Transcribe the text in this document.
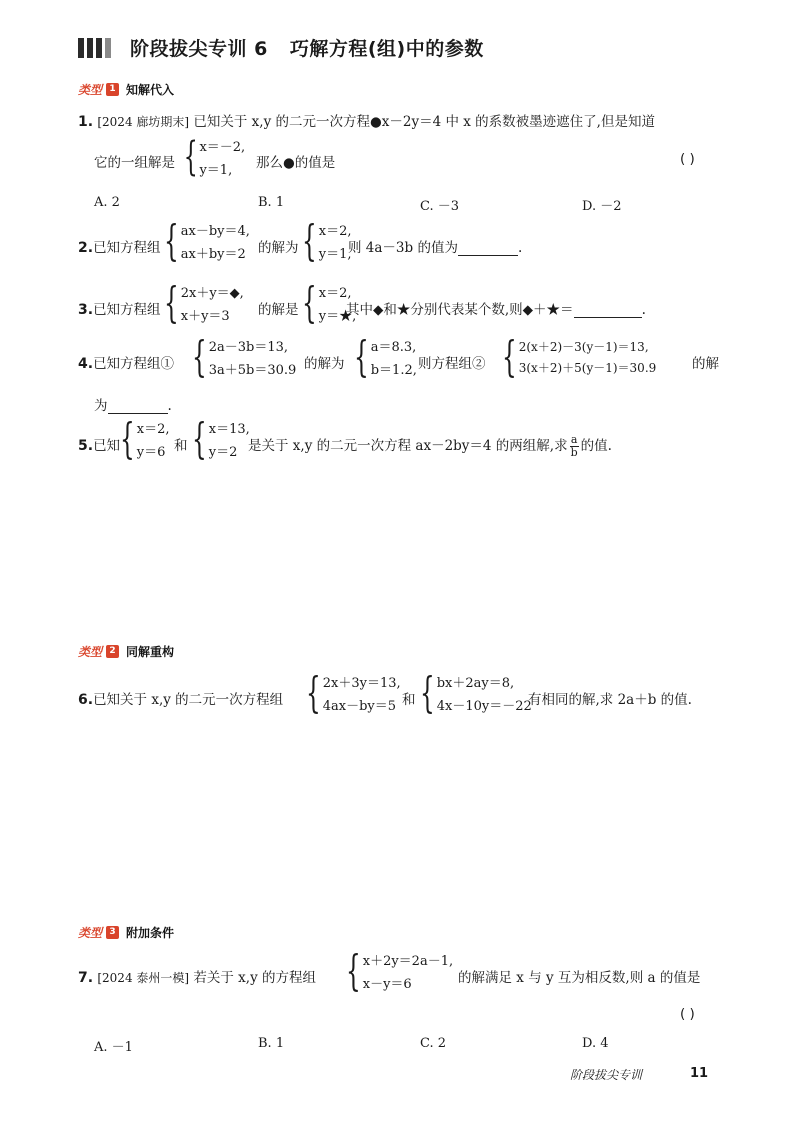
阶段拔尖专训 6 巧解方程(组)中的参数
类型 1 知解代入
1. [2024 廊坊期末] 已知关于 x,y 的二元一次方程●x－2y＝4 中 x 的系数被墨迹遮住了,但是知道
它的一组解是 { x＝－2,
y＝1,	那么●的值是	( )
A. 2	B. 1	C. －3	D. －2
2.已知方程组 { ax－by＝4,
ax＋by＝2 的解为 { x＝2,
y＝1,
则 4a－3b 的值为	.
3.已知方程组 { 2x＋y＝◆,
x＋y＝3	的解是 { x＝2,
y＝★,
其中◆和★分别代表某个数,则◆＋★＝	.
4.已知方程组① { 2a－3b＝13,
3a＋5b＝30.9 的解为 { a＝8.3,
b＝1.2, 则方程组② { 2(x＋2)－3(y－1)＝13,
3(x＋2)＋5(y－1)＝30.9	的解
为	.
5.已知 { x＝2,
y＝6 和 { x＝13,
y＝2 是关于 x,y 的二元一次方程 ax－2by＝4 的两组解,求 $\frac{a}{b}$ 的值.
类型 2 同解重构
6.已知关于 x,y 的二元一次方程组 { 2x＋3y＝13,
4ax－by＝5 和 { bx＋2ay＝8,
4x－10y＝－22
有相同的解,求 2a＋b 的值.
类型 3 附加条件
7. [2024 泰州一模] 若关于 x,y 的方程组 { x＋2y＝2a－1,
x－y＝6	的解满足 x 与 y 互为相反数,则 a 的值是
( )
A. －1	B. 1	C. 2	D. 4
阶段拔尖专训	11
